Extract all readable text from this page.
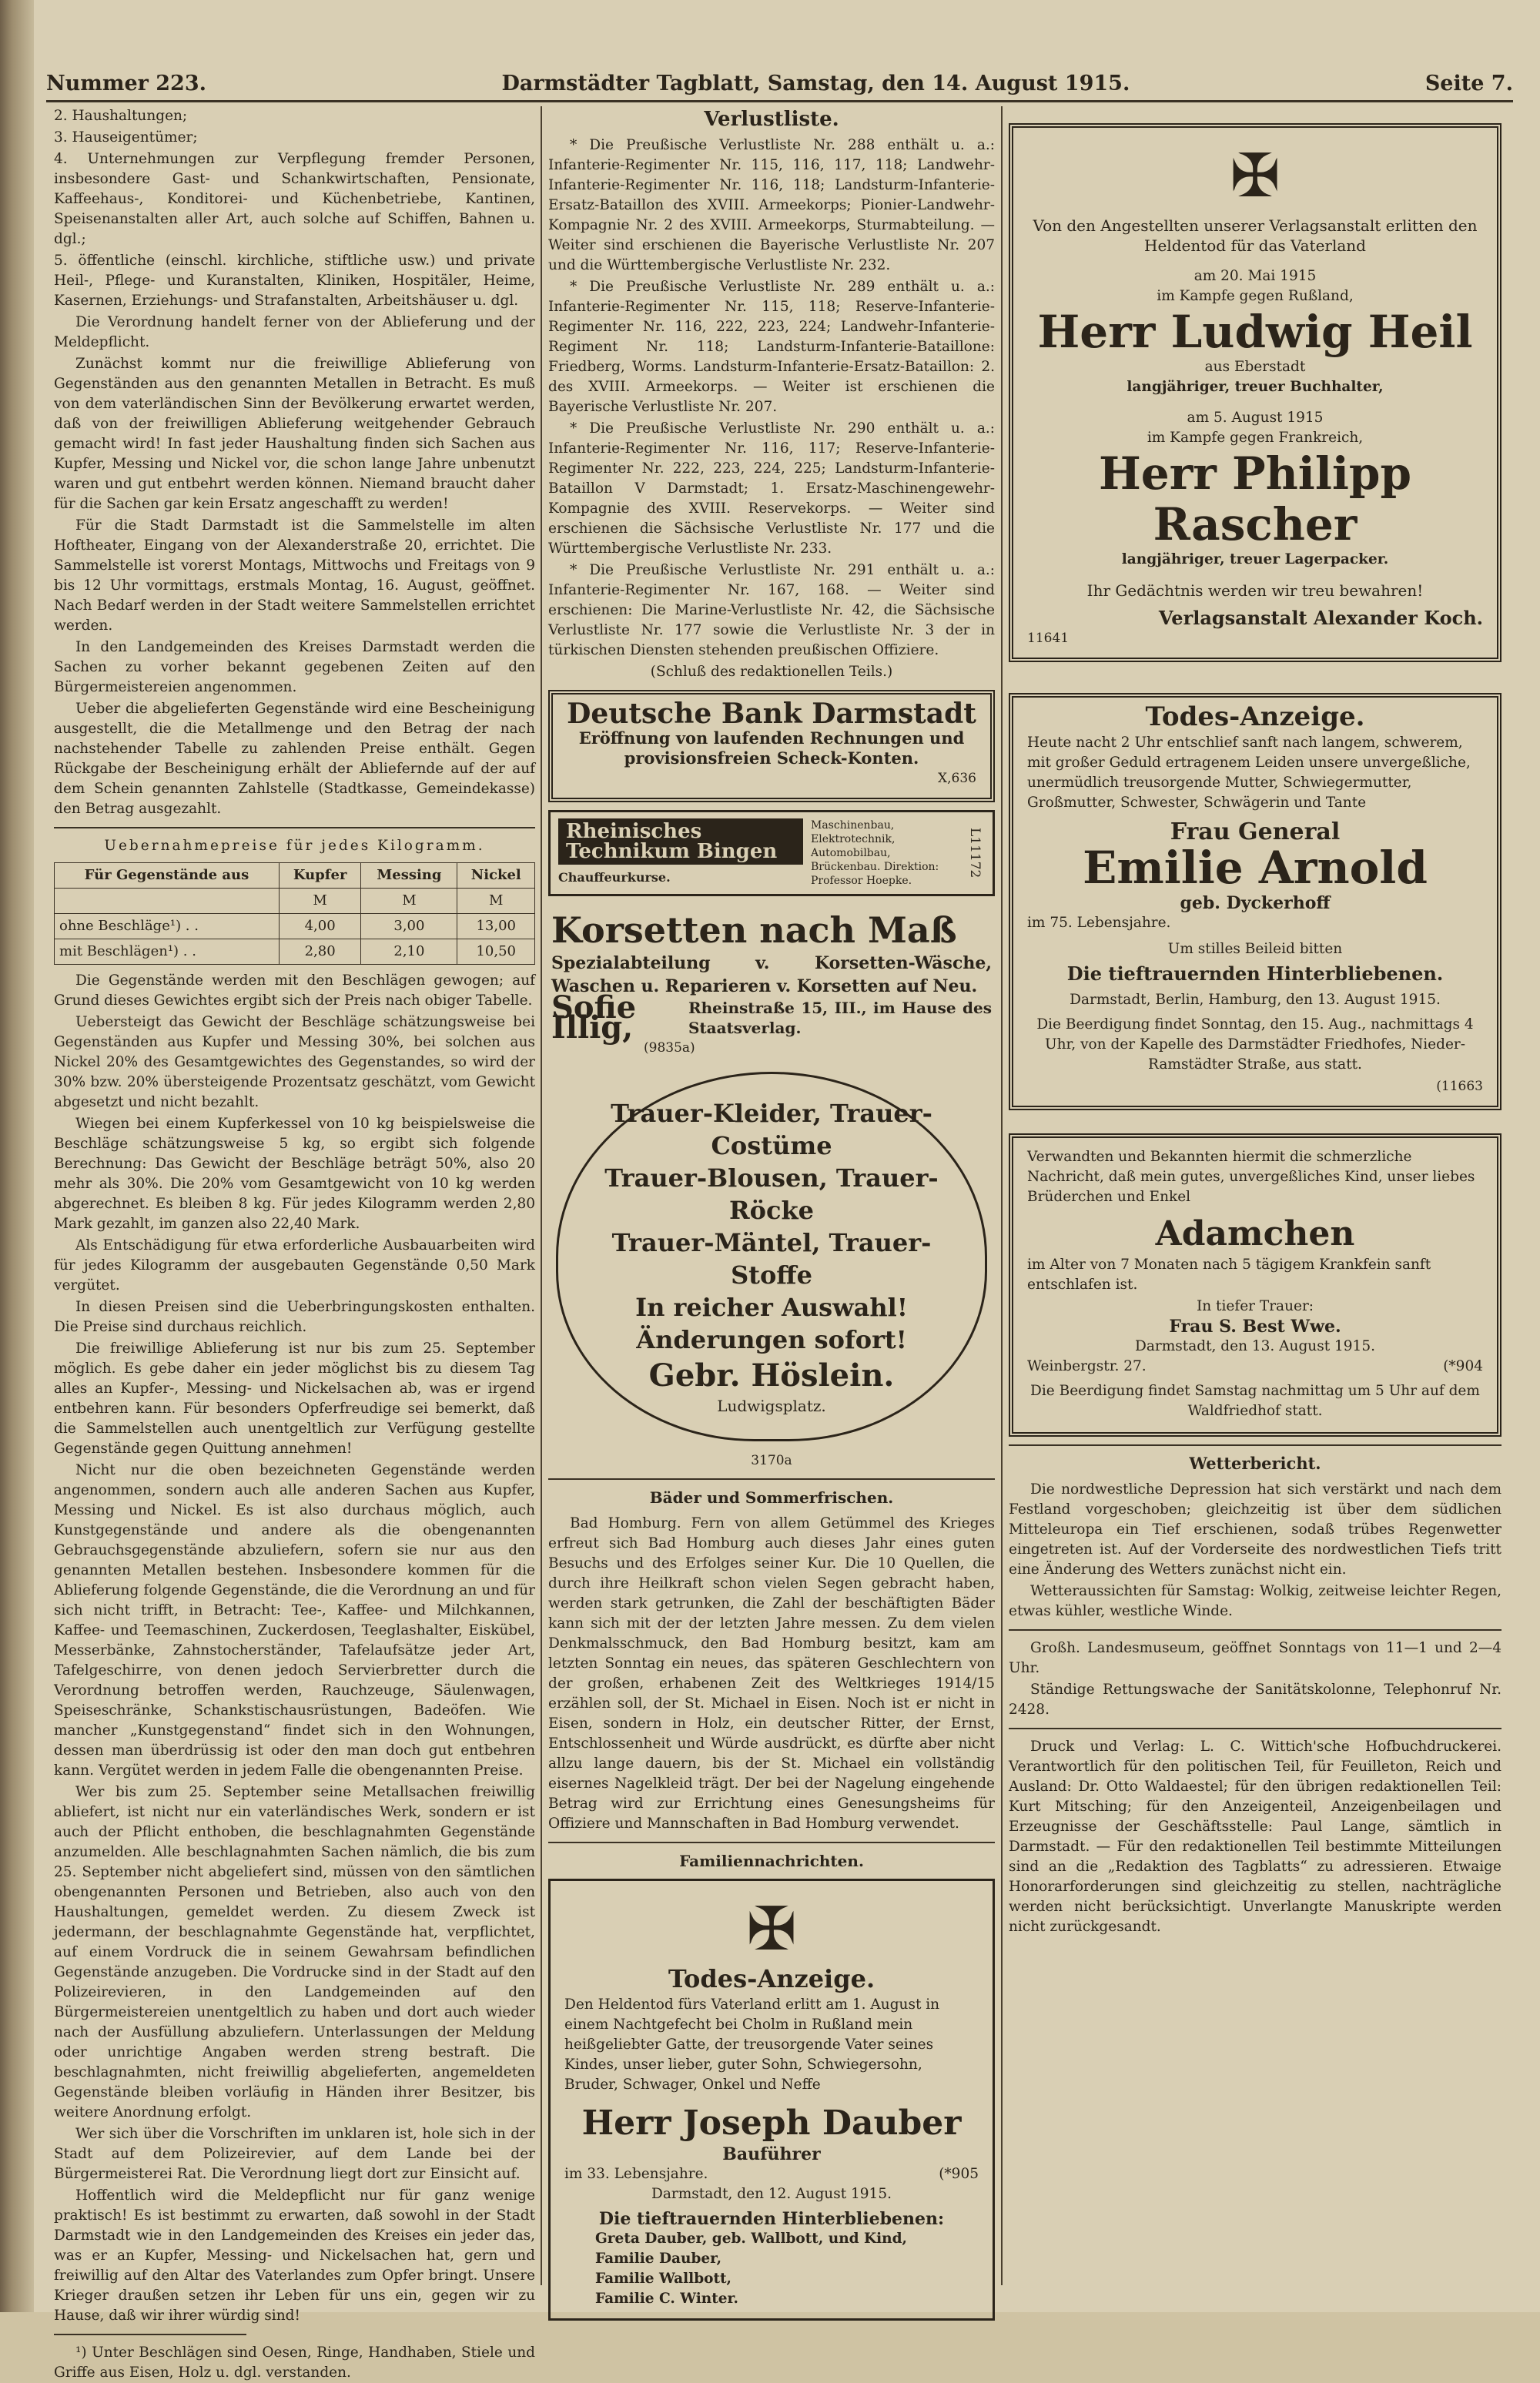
Nummer 223.	Darmstädter Tagblatt, Samstag, den 14. August 1915.	Seite 7.

2. Haushaltungen;

3. Hauseigentümer;

4. Unternehmungen zur Verpflegung fremder Personen, insbesondere Gast- und Schankwirtschaften, Pensionate, Kaffeehaus-, Konditorei- und Küchenbetriebe, Kantinen, Speisenanstalten aller Art, auch solche auf Schiffen, Bahnen u. dgl.;

5. öffentliche (einschl. kirchliche, stiftliche usw.) und private Heil-, Pflege- und Kuranstalten, Kliniken, Hospitäler, Heime, Kasernen, Erziehungs- und Strafanstalten, Arbeitshäuser u. dgl.

Die Verordnung handelt ferner von der Ablieferung und der Meldepflicht.

Zunächst kommt nur die freiwillige Ablieferung von Gegenständen aus den genannten Metallen in Betracht. Es muß von dem vaterländischen Sinn der Bevölkerung erwartet werden, daß von der freiwilligen Ablieferung weitgehender Gebrauch gemacht wird! In fast jeder Haushaltung finden sich Sachen aus Kupfer, Messing und Nickel vor, die schon lange Jahre unbenutzt waren und gut entbehrt werden können. Niemand braucht daher für die Sachen gar kein Ersatz angeschafft zu werden!

Für die Stadt Darmstadt ist die Sammelstelle im alten Hoftheater, Eingang von der Alexanderstraße 20, errichtet. Die Sammelstelle ist vorerst Montags, Mittwochs und Freitags von 9 bis 12 Uhr vormittags, erstmals Montag, 16. August, geöffnet. Nach Bedarf werden in der Stadt weitere Sammelstellen errichtet werden.

In den Landgemeinden des Kreises Darmstadt werden die Sachen zu vorher bekannt gegebenen Zeiten auf den Bürgermeistereien angenommen.

Ueber die abgelieferten Gegenstände wird eine Bescheinigung ausgestellt, die die Metallmenge und den Betrag der nach nachstehender Tabelle zu zahlenden Preise enthält. Gegen Rückgabe der Bescheinigung erhält der Abliefernde auf der auf dem Schein genannten Zahlstelle (Stadtkasse, Gemeindekasse) den Betrag ausgezahlt.

Uebernahmepreise für jedes Kilogramm.

Für Gegenstände aus	Kupfer	Messing	Nickel
	M	M	M
ohne Beschläge¹) . .	4,00	3,00	13,00
mit Beschlägen¹) . .	2,80	2,10	10,50

Die Gegenstände werden mit den Beschlägen gewogen; auf Grund dieses Gewichtes ergibt sich der Preis nach obiger Tabelle.

Uebersteigt das Gewicht der Beschläge schätzungsweise bei Gegenständen aus Kupfer und Messing 30%, bei solchen aus Nickel 20% des Gesamtgewichtes des Gegenstandes, so wird der 30% bzw. 20% übersteigende Prozentsatz geschätzt, vom Gewicht abgesetzt und nicht bezahlt.

Wiegen bei einem Kupferkessel von 10 kg beispielsweise die Beschläge schätzungsweise 5 kg, so ergibt sich folgende Berechnung: Das Gewicht der Beschläge beträgt 50%, also 20 mehr als 30%. Die 20% vom Gesamtgewicht von 10 kg werden abgerechnet. Es bleiben 8 kg. Für jedes Kilogramm werden 2,80 Mark gezahlt, im ganzen also 22,40 Mark.

Als Entschädigung für etwa erforderliche Ausbauarbeiten wird für jedes Kilogramm der ausgebauten Gegenstände 0,50 Mark vergütet.

In diesen Preisen sind die Ueberbringungskosten enthalten. Die Preise sind durchaus reichlich.

Die freiwillige Ablieferung ist nur bis zum 25. September möglich. Es gebe daher ein jeder möglichst bis zu diesem Tag alles an Kupfer-, Messing- und Nickelsachen ab, was er irgend entbehren kann. Für besonders Opferfreudige sei bemerkt, daß die Sammelstellen auch unentgeltlich zur Verfügung gestellte Gegenstände gegen Quittung annehmen!

Nicht nur die oben bezeichneten Gegenstände werden angenommen, sondern auch alle anderen Sachen aus Kupfer, Messing und Nickel. Es ist also durchaus möglich, auch Kunstgegenstände und andere als die obengenannten Gebrauchsgegenstände abzuliefern, sofern sie nur aus den genannten Metallen bestehen. Insbesondere kommen für die Ablieferung folgende Gegenstände, die die Verordnung an und für sich nicht trifft, in Betracht: Tee-, Kaffee- und Milchkannen, Kaffee- und Teemaschinen, Zuckerdosen, Teeglashalter, Eiskübel, Messerbänke, Zahnstocherständer, Tafelaufsätze jeder Art, Tafelgeschirre, von denen jedoch Servierbretter durch die Verordnung betroffen werden, Rauchzeuge, Säulenwagen, Speiseschränke, Schankstischausrüstungen, Badeöfen. Wie mancher „Kunstgegenstand“ findet sich in den Wohnungen, dessen man überdrüssig ist oder den man doch gut entbehren kann. Vergütet werden in jedem Falle die obengenannten Preise.

Wer bis zum 25. September seine Metallsachen freiwillig abliefert, ist nicht nur ein vaterländisches Werk, sondern er ist auch der Pflicht enthoben, die beschlagnahmten Gegenstände anzumelden. Alle beschlagnahmten Sachen nämlich, die bis zum 25. September nicht abgeliefert sind, müssen von den sämtlichen obengenannten Personen und Betrieben, also auch von den Haushaltungen, gemeldet werden. Zu diesem Zweck ist jedermann, der beschlagnahmte Gegenstände hat, verpflichtet, auf einem Vordruck die in seinem Gewahrsam befindlichen Gegenstände anzugeben. Die Vordrucke sind in der Stadt auf den Polizeirevieren, in den Landgemeinden auf den Bürgermeistereien unentgeltlich zu haben und dort auch wieder nach der Ausfüllung abzuliefern. Unterlassungen der Meldung oder unrichtige Angaben werden streng bestraft. Die beschlagnahmten, nicht freiwillig abgelieferten, angemeldeten Gegenstände bleiben vorläufig in Händen ihrer Besitzer, bis weitere Anordnung erfolgt.

Wer sich über die Vorschriften im unklaren ist, hole sich in der Stadt auf dem Polizeirevier, auf dem Lande bei der Bürgermeisterei Rat. Die Verordnung liegt dort zur Einsicht auf.

Hoffentlich wird die Meldepflicht nur für ganz wenige praktisch! Es ist bestimmt zu erwarten, daß sowohl in der Stadt Darmstadt wie in den Landgemeinden des Kreises ein jeder das, was er an Kupfer, Messing- und Nickelsachen hat, gern und freiwillig auf den Altar des Vaterlandes zum Opfer bringt. Unsere Krieger draußen setzen ihr Leben für uns ein, gegen wir zu Hause, daß wir ihrer würdig sind!

¹) Unter Beschlägen sind Oesen, Ringe, Handhaben, Stiele und Griffe aus Eisen, Holz u. dgl. verstanden.

Verlustliste.

* Die Preußische Verlustliste Nr. 288 enthält u. a.: Infanterie-Regimenter Nr. 115, 116, 117, 118; Landwehr-Infanterie-Regimenter Nr. 116, 118; Landsturm-Infanterie-Ersatz-Bataillon des XVIII. Armeekorps; Pionier-Landwehr-Kompagnie Nr. 2 des XVIII. Armeekorps, Sturmabteilung. — Weiter sind erschienen die Bayerische Verlustliste Nr. 207 und die Württembergische Verlustliste Nr. 232.

* Die Preußische Verlustliste Nr. 289 enthält u. a.: Infanterie-Regimenter Nr. 115, 118; Reserve-Infanterie-Regimenter Nr. 116, 222, 223, 224; Landwehr-Infanterie-Regiment Nr. 118; Landsturm-Infanterie-Bataillone: Friedberg, Worms. Landsturm-Infanterie-Ersatz-Bataillon: 2. des XVIII. Armeekorps. — Weiter ist erschienen die Bayerische Verlustliste Nr. 207.

* Die Preußische Verlustliste Nr. 290 enthält u. a.: Infanterie-Regimenter Nr. 116, 117; Reserve-Infanterie-Regimenter Nr. 222, 223, 224, 225; Landsturm-Infanterie-Bataillon V Darmstadt; 1. Ersatz-Maschinengewehr-Kompagnie des XVIII. Reservekorps. — Weiter sind erschienen die Sächsische Verlustliste Nr. 177 und die Württembergische Verlustliste Nr. 233.

* Die Preußische Verlustliste Nr. 291 enthält u. a.: Infanterie-Regimenter Nr. 167, 168. — Weiter sind erschienen: Die Marine-Verlustliste Nr. 42, die Sächsische Verlustliste Nr. 177 sowie die Verlustliste Nr. 3 der in türkischen Diensten stehenden preußischen Offiziere.

(Schluß des redaktionellen Teils.)

Deutsche Bank Darmstadt
Eröffnung von laufenden Rechnungen und provisionsfreien Scheck-Konten.
X,636
Rheinisches Technikum Bingen
Chauffeurkurse.
Maschinenbau, Elektrotechnik, Automobilbau, Brückenbau. Direktion: Professor Hoepke.
L11172
Korsetten nach Maß
Spezialabteilung v. Korsetten-Wäsche, Waschen u. Reparieren v. Korsetten auf Neu.
Sofie Illig,
Rheinstraße 15, III., im Hause des Staatsverlag.
(9835a)
Trauer-Kleider, Trauer-Costüme
Trauer-Blousen, Trauer-Röcke
Trauer-Mäntel, Trauer-Stoffe
In reicher Auswahl!
Änderungen sofort!
Gebr. Höslein.
Ludwigsplatz.
3170a
Bäder und Sommerfrischen.

Bad Homburg. Fern von allem Getümmel des Krieges erfreut sich Bad Homburg auch dieses Jahr eines guten Besuchs und des Erfolges seiner Kur. Die 10 Quellen, die durch ihre Heilkraft schon vielen Segen gebracht haben, werden stark getrunken, die Zahl der beschäftigten Bäder kann sich mit der der letzten Jahre messen. Zu dem vielen Denkmalsschmuck, den Bad Homburg besitzt, kam am letzten Sonntag ein neues, das späteren Geschlechtern von der großen, erhabenen Zeit des Weltkrieges 1914/15 erzählen soll, der St. Michael in Eisen. Noch ist er nicht in Eisen, sondern in Holz, ein deutscher Ritter, der Ernst, Entschlossenheit und Würde ausdrückt, es dürfte aber nicht allzu lange dauern, bis der St. Michael ein vollständig eisernes Nagelkleid trägt. Der bei der Nagelung eingehende Betrag wird zur Errichtung eines Genesungsheims für Offiziere und Mannschaften in Bad Homburg verwendet.

Familiennachrichten.
✠
Todes-Anzeige.

Den Heldentod fürs Vaterland erlitt am 1. August in einem Nachtgefecht bei Cholm in Rußland mein heißgeliebter Gatte, der treusorgende Vater seines Kindes, unser lieber, guter Sohn, Schwiegersohn, Bruder, Schwager, Onkel und Neffe

Herr Joseph Dauber
Bauführer
im 33. Lebensjahre.	(*905
Darmstadt, den 12. August 1915.
Die tieftrauernden Hinterbliebenen:
Greta Dauber, geb. Wallbott, und Kind,
Familie Dauber,
Familie Wallbott,
Familie C. Winter.
✠
Von den Angestellten unserer Verlagsanstalt erlitten den Heldentod für das Vaterland
am 20. Mai 1915
im Kampfe gegen Rußland,
Herr Ludwig Heil
aus Eberstadt
langjähriger, treuer Buchhalter,
am 5. August 1915
im Kampfe gegen Frankreich,
Herr Philipp Rascher
langjähriger, treuer Lagerpacker.
Ihr Gedächtnis werden wir treu bewahren!
Verlagsanstalt Alexander Koch.
11641
Todes-Anzeige.

Heute nacht 2 Uhr entschlief sanft nach langem, schwerem, mit großer Geduld ertragenem Leiden unsere unvergeßliche, unermüdlich treusorgende Mutter, Schwiegermutter, Großmutter, Schwester, Schwägerin und Tante

Frau General
Emilie Arnold
geb. Dyckerhoff
im 75. Lebensjahre.
Um stilles Beileid bitten
Die tieftrauernden Hinterbliebenen.
Darmstadt, Berlin, Hamburg, den 13. August 1915.

Die Beerdigung findet Sonntag, den 15. Aug., nachmittags 4 Uhr, von der Kapelle des Darmstädter Friedhofes, Nieder-Ramstädter Straße, aus statt.

(11663

Verwandten und Bekannten hiermit die schmerzliche Nachricht, daß mein gutes, unvergeßliches Kind, unser liebes Brüderchen und Enkel

Adamchen

im Alter von 7 Monaten nach 5 tägigem Krankfein sanft entschlafen ist.

In tiefer Trauer:
Frau S. Best Wwe.
Darmstadt, den 13. August 1915.
Weinbergstr. 27.	(*904

Die Beerdigung findet Samstag nachmittag um 5 Uhr auf dem Waldfriedhof statt.

Wetterbericht.

Die nordwestliche Depression hat sich verstärkt und nach dem Festland vorgeschoben; gleichzeitig ist über dem südlichen Mitteleuropa ein Tief erschienen, sodaß trübes Regenwetter eingetreten ist. Auf der Vorderseite des nordwestlichen Tiefs tritt eine Änderung des Wetters zunächst nicht ein.

Wetteraussichten für Samstag: Wolkig, zeitweise leichter Regen, etwas kühler, westliche Winde.

Großh. Landesmuseum, geöffnet Sonntags von 11—1 und 2—4 Uhr.

Ständige Rettungswache der Sanitätskolonne, Telephonruf Nr. 2428.

Druck und Verlag: L. C. Wittich'sche Hofbuchdruckerei. Verantwortlich für den politischen Teil, für Feuilleton, Reich und Ausland: Dr. Otto Waldaestel; für den übrigen redaktionellen Teil: Kurt Mitsching; für den Anzeigenteil, Anzeigenbeilagen und Erzeugnisse der Geschäftsstelle: Paul Lange, sämtlich in Darmstadt. — Für den redaktionellen Teil bestimmte Mitteilungen sind an die „Redaktion des Tagblatts“ zu adressieren. Etwaige Honorarforderungen sind gleichzeitig zu stellen, nachträgliche werden nicht berücksichtigt. Unverlangte Manuskripte werden nicht zurückgesandt.
